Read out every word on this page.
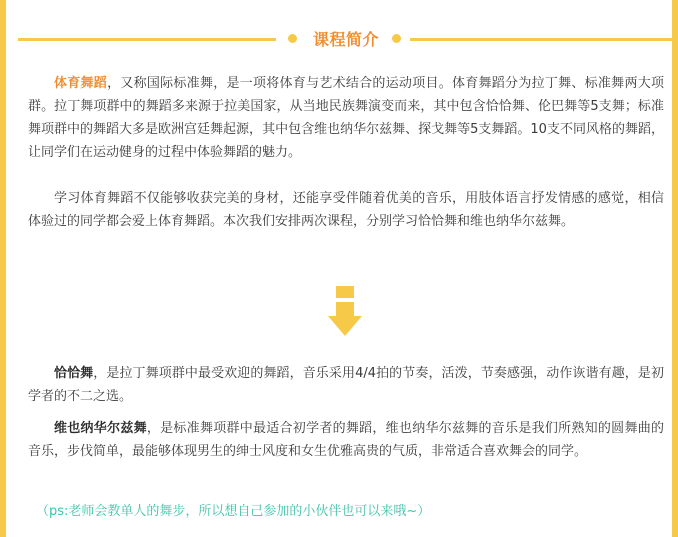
课程简介

体育舞蹈，又称国际标准舞，是一项将体育与艺术结合的运动项目。体育舞蹈分为拉丁舞、标准舞两大项群。拉丁舞项群中的舞蹈多来源于拉美国家，从当地民族舞演变而来，其中包含恰恰舞、伦巴舞等5支舞；标准舞项群中的舞蹈大多是欧洲宫廷舞起源，其中包含维也纳华尔兹舞、探戈舞等5支舞蹈。10支不同风格的舞蹈，让同学们在运动健身的过程中体验舞蹈的魅力。

学习体育舞蹈不仅能够收获完美的身材，还能享受伴随着优美的音乐，用肢体语言抒发情感的感觉，相信体验过的同学都会爱上体育舞蹈。本次我们安排两次课程，分别学习恰恰舞和维也纳华尔兹舞。

恰恰舞，是拉丁舞项群中最受欢迎的舞蹈，音乐采用4/4拍的节奏，活泼，节奏感强，动作诙谐有趣，是初学者的不二之选。

维也纳华尔兹舞，是标准舞项群中最适合初学者的舞蹈，维也纳华尔兹舞的音乐是我们所熟知的圆舞曲的音乐，步伐简单，最能够体现男生的绅士风度和女生优雅高贵的气质，非常适合喜欢舞会的同学。

（ps:老师会教单人的舞步，所以想自己参加的小伙伴也可以来哦~）
